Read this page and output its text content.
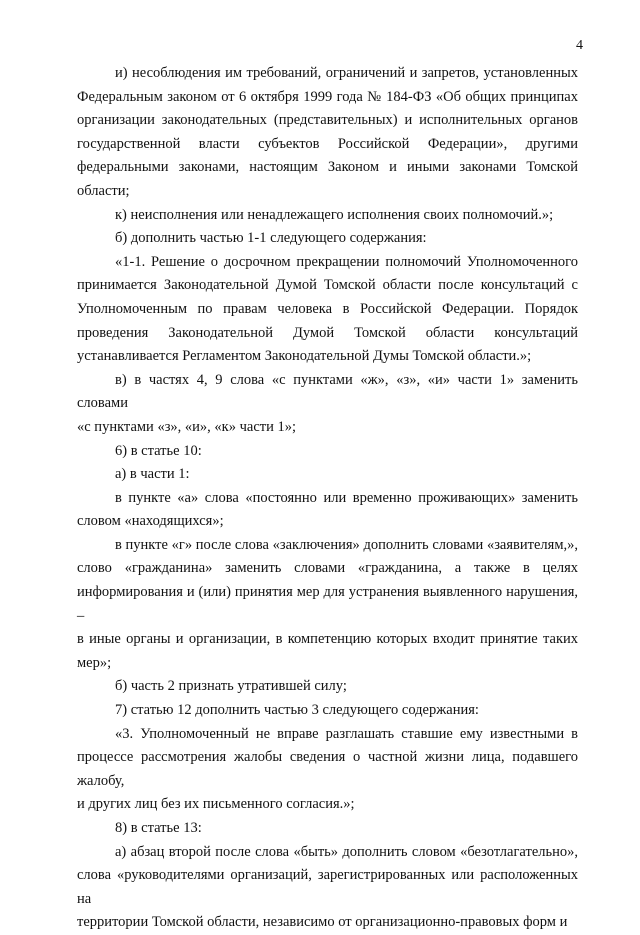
4
и) несоблюдения им требований, ограничений и запретов, установленных
Федеральным законом от 6 октября 1999 года № 184-ФЗ «Об общих принципах
организации законодательных (представительных) и исполнительных органов
государственной власти субъектов Российской Федерации», другими
федеральными законами, настоящим Законом и иными законами Томской области;
к) неисполнения или ненадлежащего исполнения своих полномочий.»;
б) дополнить частью 1-1 следующего содержания:
«1-1. Решение о досрочном прекращении полномочий Уполномоченного
принимается Законодательной Думой Томской области после консультаций с
Уполномоченным по правам человека в Российской Федерации. Порядок
проведения Законодательной Думой Томской области консультаций
устанавливается Регламентом Законодательной Думы Томской области.»;
в) в частях 4, 9 слова «с пунктами «ж», «з», «и» части 1» заменить словами
«с пунктами «з», «и», «к» части 1»;
6) в статье 10:
а) в части 1:
в пункте «а» слова «постоянно или временно проживающих» заменить
словом «находящихся»;
в пункте «г» после слова «заключения» дополнить словами «заявителям,»,
слово «гражданина» заменить словами «гражданина, а также в целях
информирования и (или) принятия мер для устранения выявленного нарушения, –
в иные органы и организации, в компетенцию которых входит принятие таких
мер»;
б) часть 2 признать утратившей силу;
7) статью 12 дополнить частью 3 следующего содержания:
«3. Уполномоченный не вправе разглашать ставшие ему известными в
процессе рассмотрения жалобы сведения о частной жизни лица, подавшего жалобу,
и других лиц без их письменного согласия.»;
8) в статье 13:
а) абзац второй после слова «быть» дополнить словом «безотлагательно»,
слова «руководителями организаций, зарегистрированных или расположенных на
территории Томской области, независимо от организационно-правовых форм и
